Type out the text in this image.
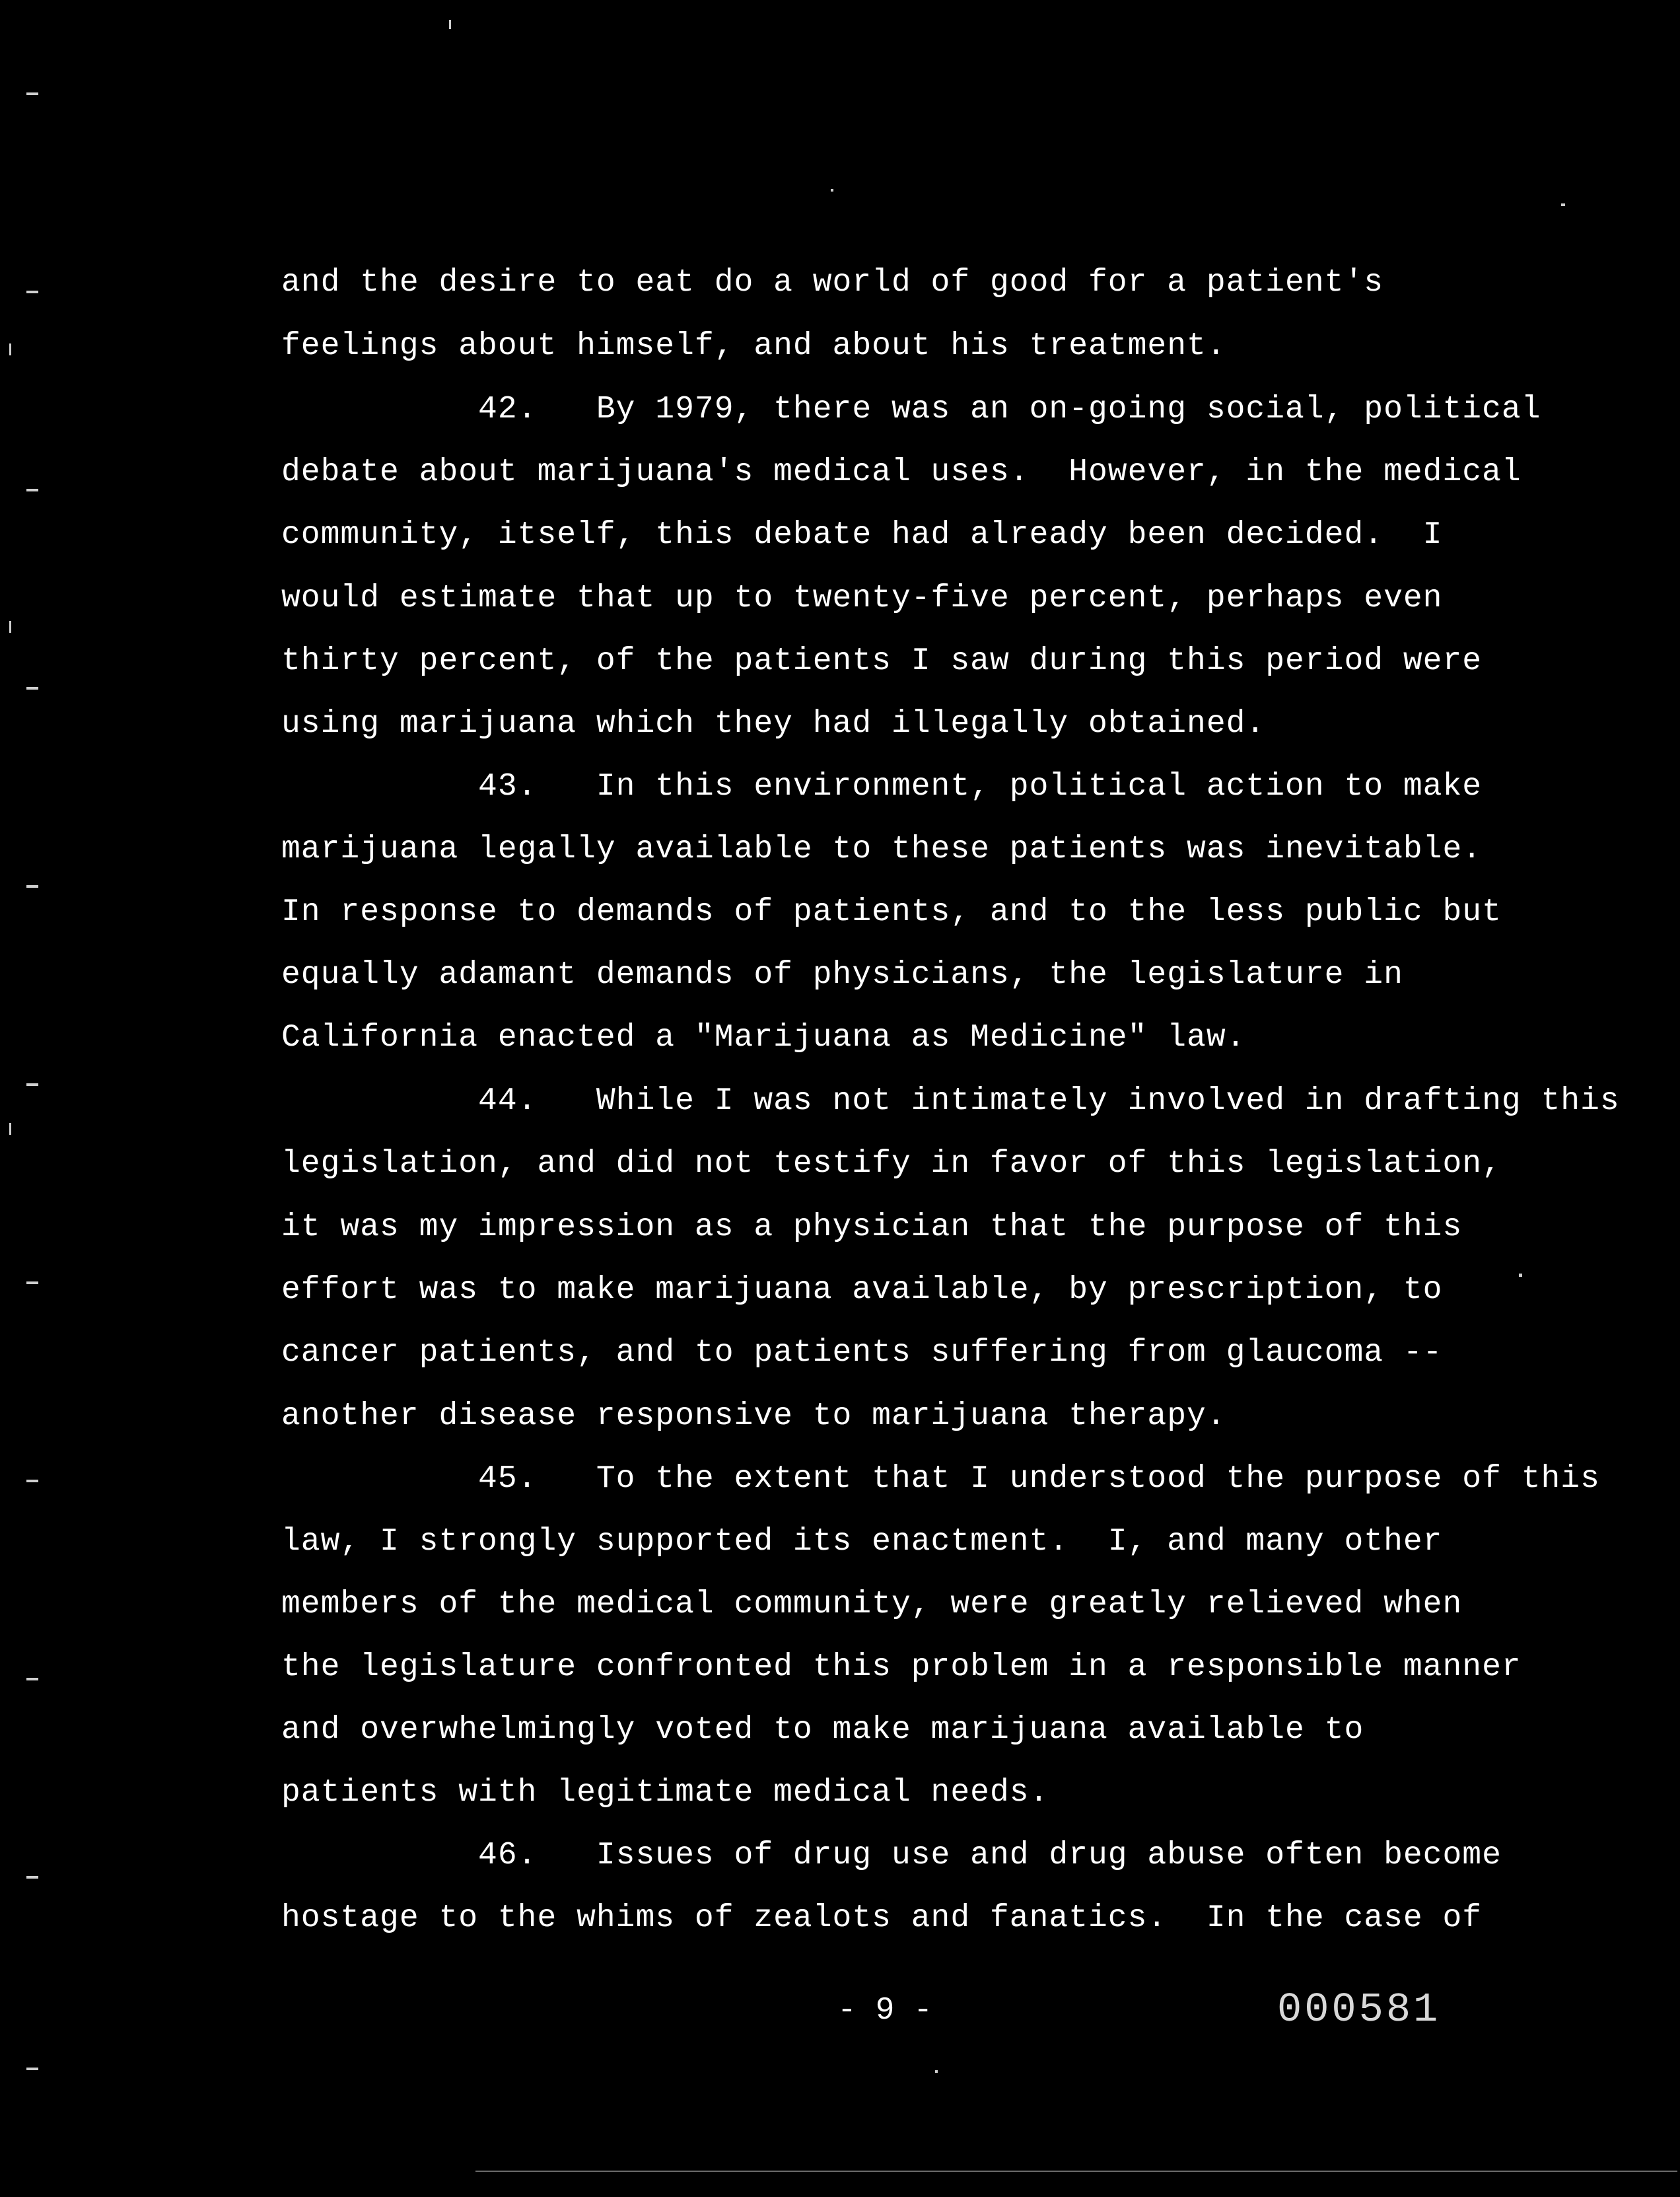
and the desire to eat do a world of good for a patient's
feelings about himself, and about his treatment.
42.   By 1979, there was an on-going social, political
debate about marijuana's medical uses.  However, in the medical
community, itself, this debate had already been decided.  I
would estimate that up to twenty-five percent, perhaps even
thirty percent, of the patients I saw during this period were
using marijuana which they had illegally obtained.
43.   In this environment, political action to make
marijuana legally available to these patients was inevitable.
In response to demands of patients, and to the less public but
equally adamant demands of physicians, the legislature in
California enacted a "Marijuana as Medicine" law.
44.   While I was not intimately involved in drafting this
legislation, and did not testify in favor of this legislation,
it was my impression as a physician that the purpose of this
effort was to make marijuana available, by prescription, to
cancer patients, and to patients suffering from glaucoma --
another disease responsive to marijuana therapy.
45.   To the extent that I understood the purpose of this
law, I strongly supported its enactment.  I, and many other
members of the medical community, were greatly relieved when
the legislature confronted this problem in a responsible manner
and overwhelmingly voted to make marijuana available to
patients with legitimate medical needs.
46.   Issues of drug use and drug abuse often become
hostage to the whims of zealots and fanatics.  In the case of
- 9 -	000581
